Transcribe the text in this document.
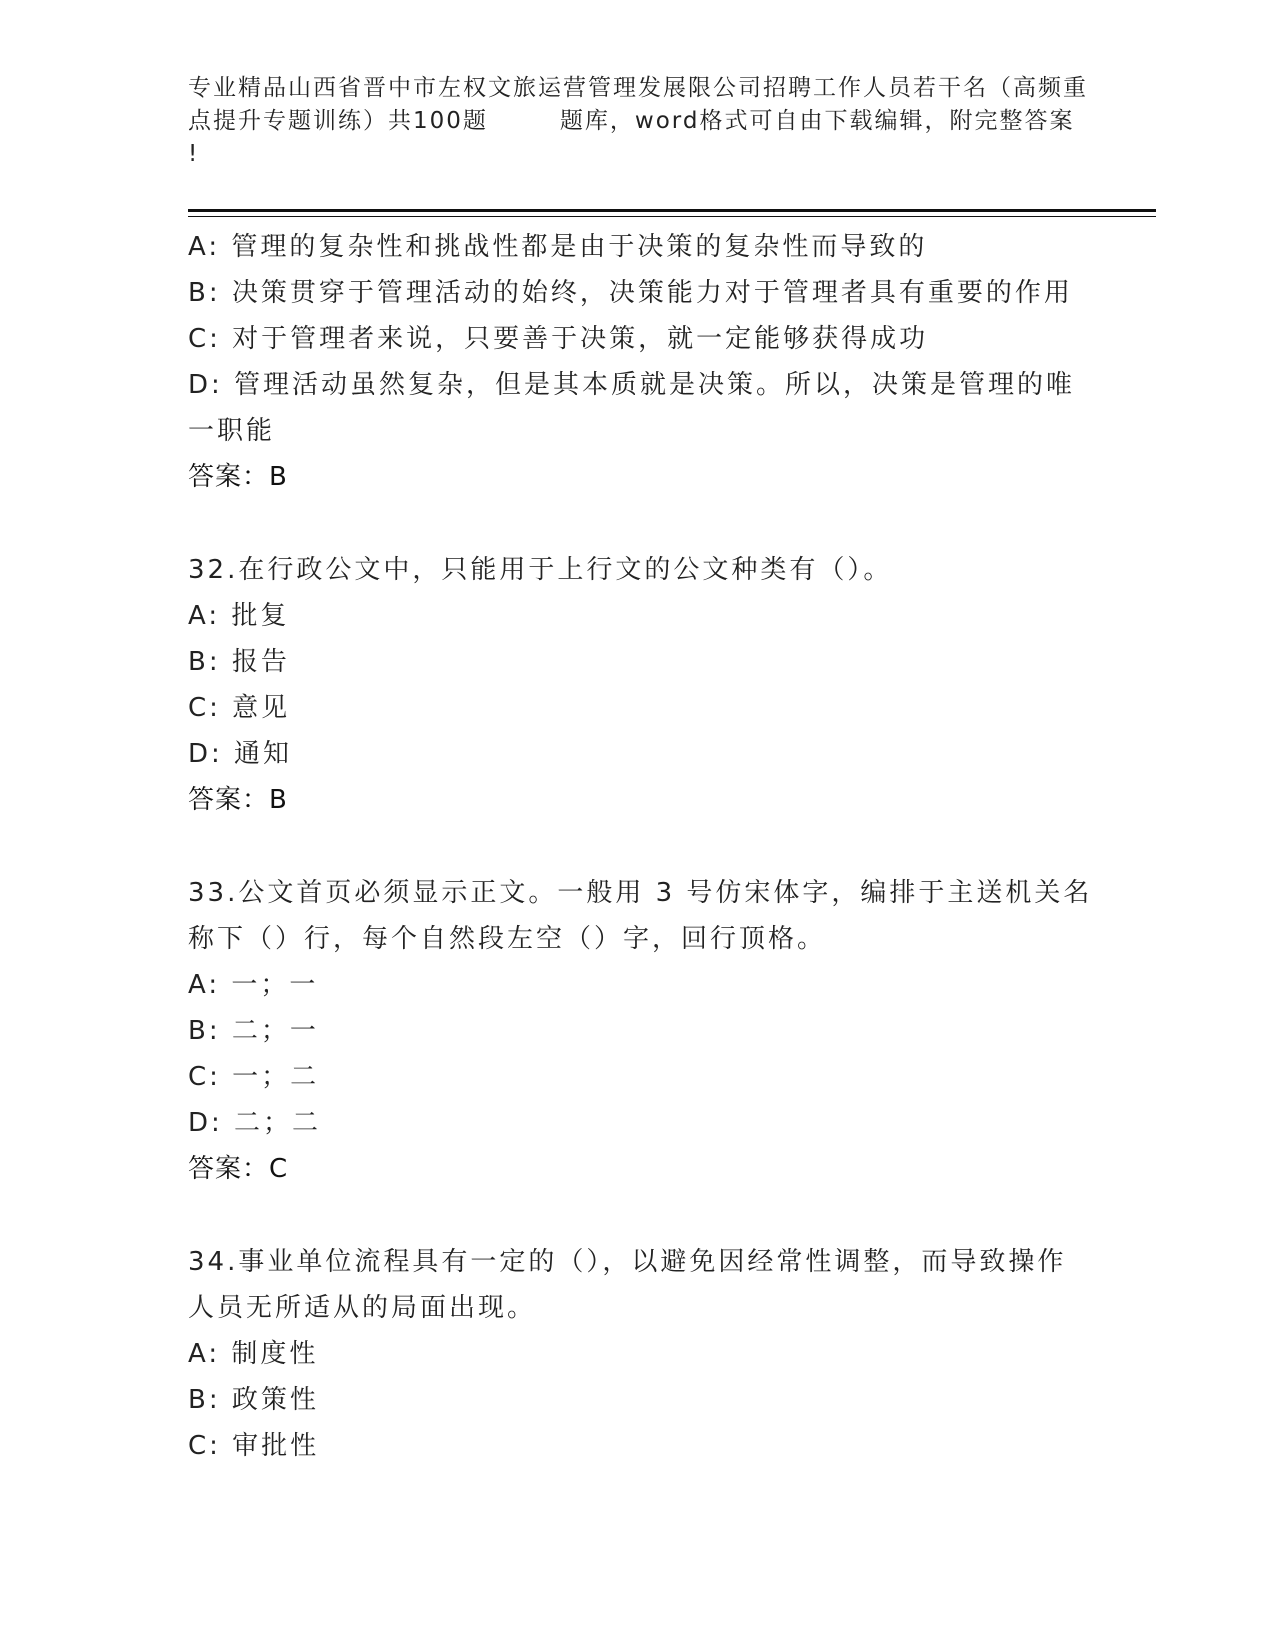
专业精品山西省晋中市左权文旅运营管理发展限公司招聘工作人员若干名（高频重
点提升专题训练）共100题	题库，word格式可自由下载编辑，附完整答案
!
A: 管理的复杂性和挑战性都是由于决策的复杂性而导致的
B: 决策贯穿于管理活动的始终，决策能力对于管理者具有重要的作用
C: 对于管理者来说，只要善于决策，就一定能够获得成功
D: 管理活动虽然复杂，但是其本质就是决策。所以，决策是管理的唯
一职能
答案：B
32.在行政公文中，只能用于上行文的公文种类有（）。
A: 批复
B: 报告
C: 意见
D: 通知
答案：B
33.公文首页必须显示正文。一般用 3 号仿宋体字，编排于主送机关名
称下（）行，每个自然段左空（）字，回行顶格。
A: 一；一
B: 二；一
C: 一；二
D: 二；二
答案：C
34.事业单位流程具有一定的（），以避免因经常性调整，而导致操作
人员无所适从的局面出现。
A: 制度性
B: 政策性
C: 审批性
